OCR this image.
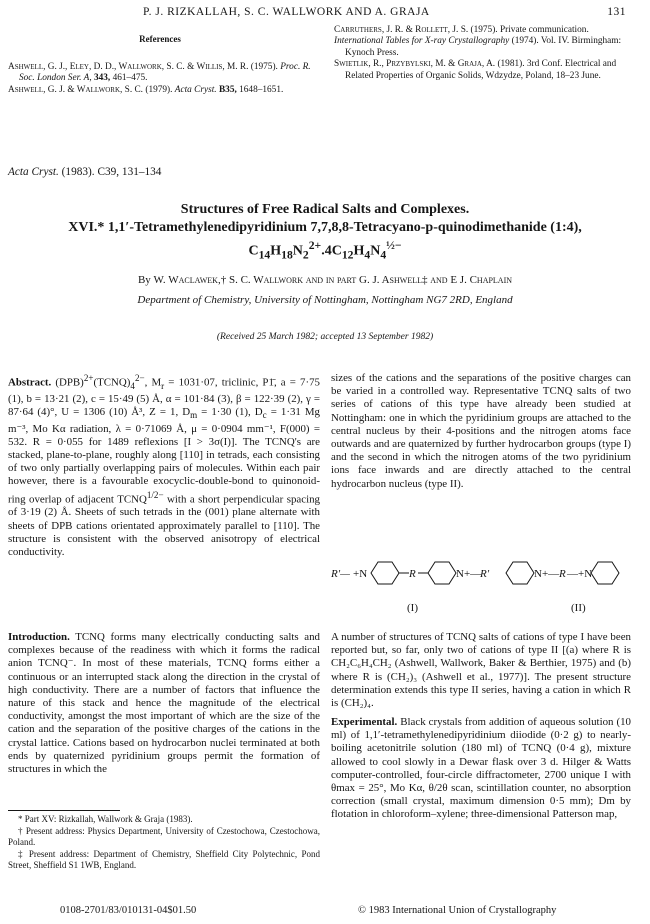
P. J. RIZKALLAH, S. C. WALLWORK AND A. GRAJA	131
References

Ashwell, G. J., Eley, D. D., Wallwork, S. C. & Willis, M. R. (1975). Proc. R. Soc. London Ser. A, 343, 461–475.

Ashwell, G. J. & Wallwork, S. C. (1979). Acta Cryst. B35, 1648–1651.

Carruthers, J. R. & Rollett, J. S. (1975). Private communication.

International Tables for X-ray Crystallography (1974). Vol. IV. Birmingham: Kynoch Press.

Swietlik, R., Przybylski, M. & Graja, A. (1981). 3rd Conf. Electrical and Related Properties of Organic Solids, Wdzydze, Poland, 18–23 June.

Acta Cryst. (1983). C39, 131–134
Structures of Free Radical Salts and Complexes.
XVI.* 1,1′-Tetramethylenedipyridinium 7,7,8,8-Tetracyano-p-quinodimethanide (1:4),
$C_{14}H_{18}N_2^{2+}.4C_{12}H_4N_4^{\frac{1}{2}-}$
By W. Waclawek,† S. C. Wallwork and in part G. J. Ashwell‡ and E J. Chaplain
Department of Chemistry, University of Nottingham, Nottingham NG7 2RD, England
(Received 25 March 1982; accepted 13 September 1982)

Abstract. $(DPB)^{2+}(TCNQ)_4^{2-}$, $M_r = 1031\cdot 07$, triclinic, P1̄, a = 7·75 (1), b = 13·21 (2), c = 15·49 (5) Å, α = 101·84 (3), β = 122·39 (2), γ = 87·64 (4)°, U = 1306 (10) Å³, Z = 1, $D_m = 1\cdot 30$ (1), $D_c = 1\cdot 31$ Mg m⁻³, Mo Kα radiation, λ = 0·71069 Å, μ = 0·0904 mm⁻¹, F(000) = 532. R = 0·055 for 1489 reflexions [I > 3σ(I)]. The TCNQ's are stacked, plane-to-plane, roughly along [110] in tetrads, each consisting of two only partially overlapping pairs of molecules. Within each pair however, there is a favourable exocyclic-double-bond to quinonoid-ring overlap of adjacent $TCNQ^{1/2-}$ with a short perpendicular spacing of 3·19 (2) Å. Sheets of such tetrads in the (001) plane alternate with sheets of DPB cations orientated approximately parallel to [110]. The structure is consistent with the observed anisotropy of electrical conductivity.

Introduction. TCNQ forms many electrically conducting salts and complexes because of the readiness with which it forms the radical anion TCNQ⁻. In most of these materials, TCNQ forms either a continuous or an interrupted stack along the direction in the crystal of high conductivity. There are a number of factors that influence the nature of this stack and hence the magnitude of the electrical conductivity, amongst the most important of which are the size of the cation and the separation of the positive charges of the cations in the crystal lattice. Cations based on hydrocarbon nuclei terminated at both ends by quaternized pyridinium groups permit the formation of structures in which the

sizes of the cations and the separations of the positive charges can be varied in a controlled way. Representative TCNQ salts of two series of cations of this type have already been studied at Nottingham: one in which the pyridinium groups are attached to the central nucleus by their 4-positions and the nitrogen atoms face outwards and are quaternized by further hydrocarbon groups (type I) and the second in which the nitrogen atoms of the two pyridinium ions face inwards and are directly attached to the central hydrocarbon nucleus (type II).

R′— +N	R	N+—
R′	N+— R —+N
(I)	(II)

A number of structures of TCNQ salts of cations of type I have been reported but, so far, only two of cations of type II [(a) where R is CH₂C₆H₄CH₂ (Ashwell, Wallwork, Baker & Berthier, 1975) and (b) where R is (CH₂)₃ (Ashwell et al., 1977)]. The present structure determination extends this type II series, having a cation in which R is (CH₂)₄.

Experimental. Black crystals from addition of aqueous solution (10 ml) of 1,1′-tetramethylenedipyridinium diiodide (0·2 g) to nearly-boiling acetonitrile solution (180 ml) of TCNQ (0·4 g), mixture allowed to cool slowly in a Dewar flask over 3 d. Hilger & Watts computer-controlled, four-circle diffractometer, 2700 unique I with θmax = 25°, Mo Kα, θ/2θ scan, scintillation counter, no absorption correction (small crystal, maximum dimension 0·5 mm); Dm by flotation in chloroform–xylene; three-dimensional Patterson map,

* Part XV: Rizkallah, Wallwork & Graja (1983).

† Present address: Physics Department, University of Czestochowa, Czestochowa, Poland.

‡ Present address: Department of Chemistry, Sheffield City Polytechnic, Pond Street, Sheffield S1 1WB, England.

0108-2701/83/010131-04$01.50	© 1983 International Union of Crystallography
